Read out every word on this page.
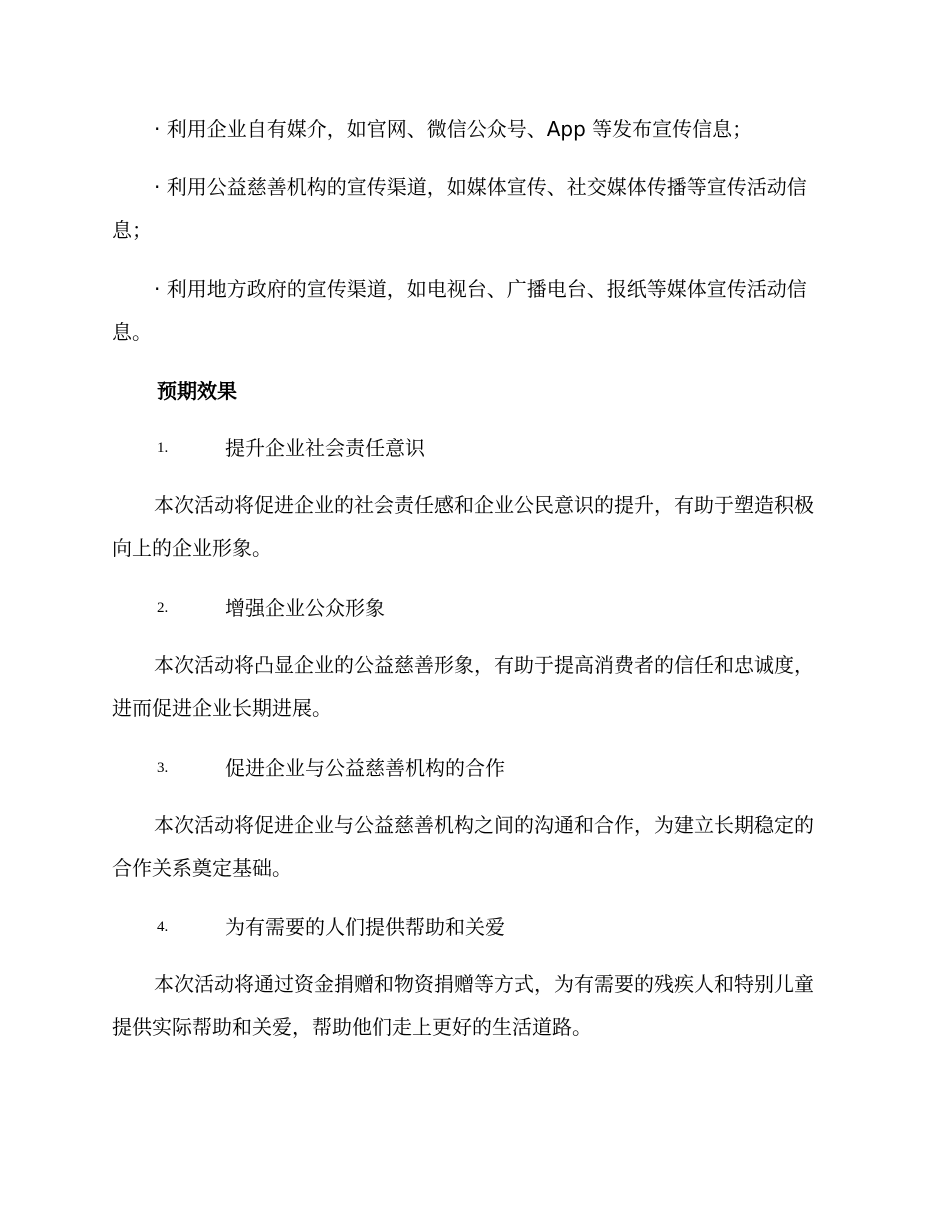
· 利用企业自有媒介，如官网、微信公众号、App 等发布宣传信息；

· 利用公益慈善机构的宣传渠道，如媒体宣传、社交媒体传播等宣传活动信息；

· 利用地方政府的宣传渠道，如电视台、广播电台、报纸等媒体宣传活动信息。

预期效果
1.	提升企业社会责任意识

本次活动将促进企业的社会责任感和企业公民意识的提升，有助于塑造积极向上的企业形象。

2.	增强企业公众形象

本次活动将凸显企业的公益慈善形象，有助于提高消费者的信任和忠诚度，进而促进企业长期进展。

3.	促进企业与公益慈善机构的合作

本次活动将促进企业与公益慈善机构之间的沟通和合作，为建立长期稳定的合作关系奠定基础。

4.	为有需要的人们提供帮助和关爱

本次活动将通过资金捐赠和物资捐赠等方式，为有需要的残疾人和特别儿童提供实际帮助和关爱，帮助他们走上更好的生活道路。
